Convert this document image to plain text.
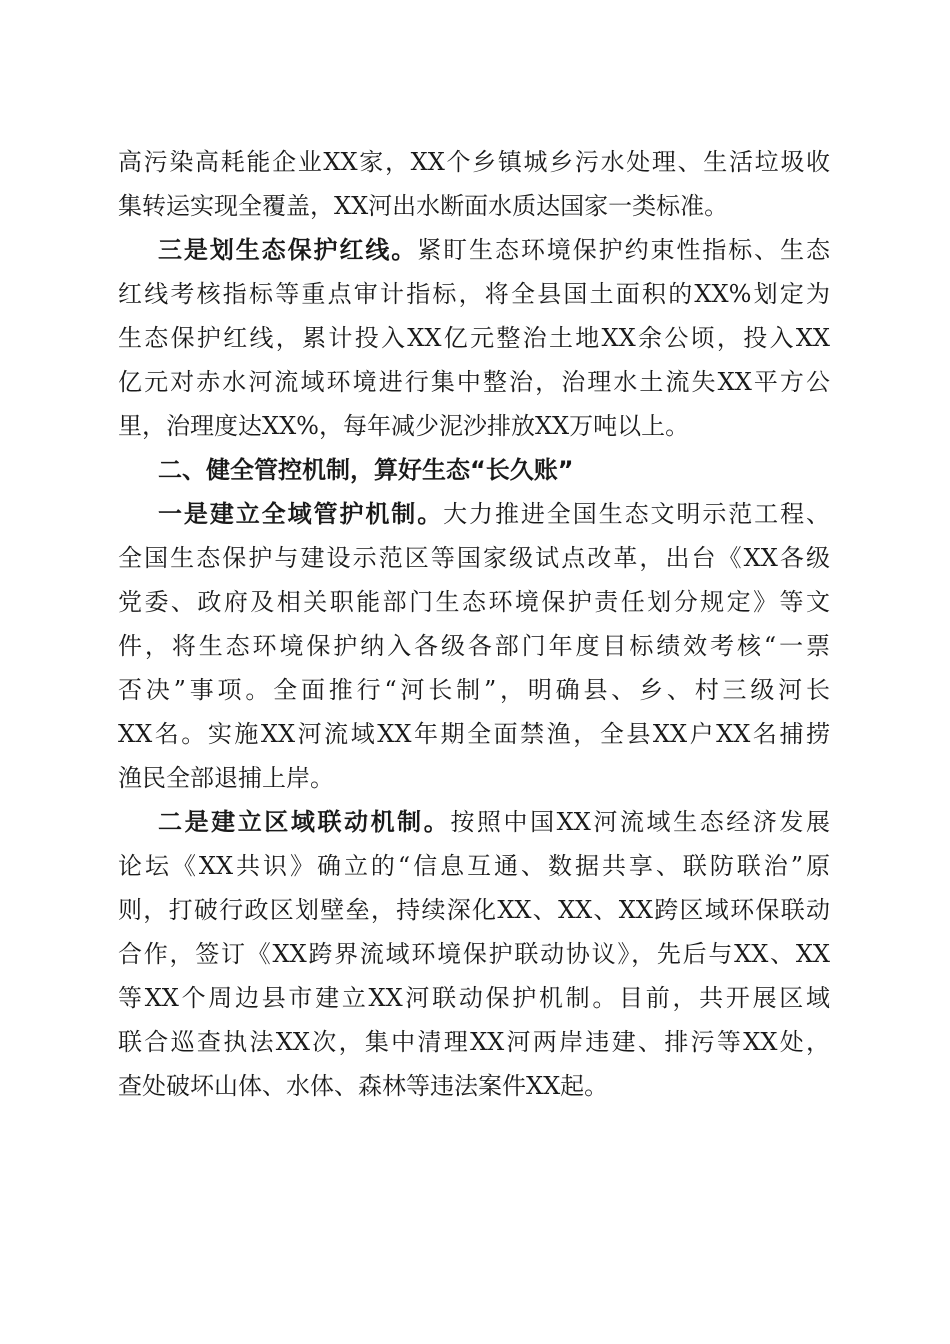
高污染高耗能企业XX家，XX个乡镇城乡污水处理、生活垃圾收
集转运实现全覆盖，XX河出水断面水质达国家一类标准。
三是划生态保护红线。紧盯生态环境保护约束性指标、生态
红线考核指标等重点审计指标，将全县国土面积的XX%划定为
生态保护红线，累计投入XX亿元整治土地XX余公顷，投入XX
亿元对赤水河流域环境进行集中整治，治理水土流失XX平方公
里，治理度达XX%，每年减少泥沙排放XX万吨以上。
二、健全管控机制，算好生态“长久账”
一是建立全域管护机制。大力推进全国生态文明示范工程、
全国生态保护与建设示范区等国家级试点改革，出台《XX各级
党委、政府及相关职能部门生态环境保护责任划分规定》等文
件，将生态环境保护纳入各级各部门年度目标绩效考核“一票
否决”事项。全面推行“河长制”，明确县、乡、村三级河长
XX名。实施XX河流域XX年期全面禁渔，全县XX户XX名捕捞
渔民全部退捕上岸。
二是建立区域联动机制。按照中国XX河流域生态经济发展
论坛《XX共识》确立的“信息互通、数据共享、联防联治”原
则，打破行政区划壁垒，持续深化XX、XX、XX跨区域环保联动
合作，签订《XX跨界流域环境保护联动协议》，先后与XX、XX
等XX个周边县市建立XX河联动保护机制。目前，共开展区域
联合巡查执法XX次，集中清理XX河两岸违建、排污等XX处，
查处破坏山体、水体、森林等违法案件XX起。
